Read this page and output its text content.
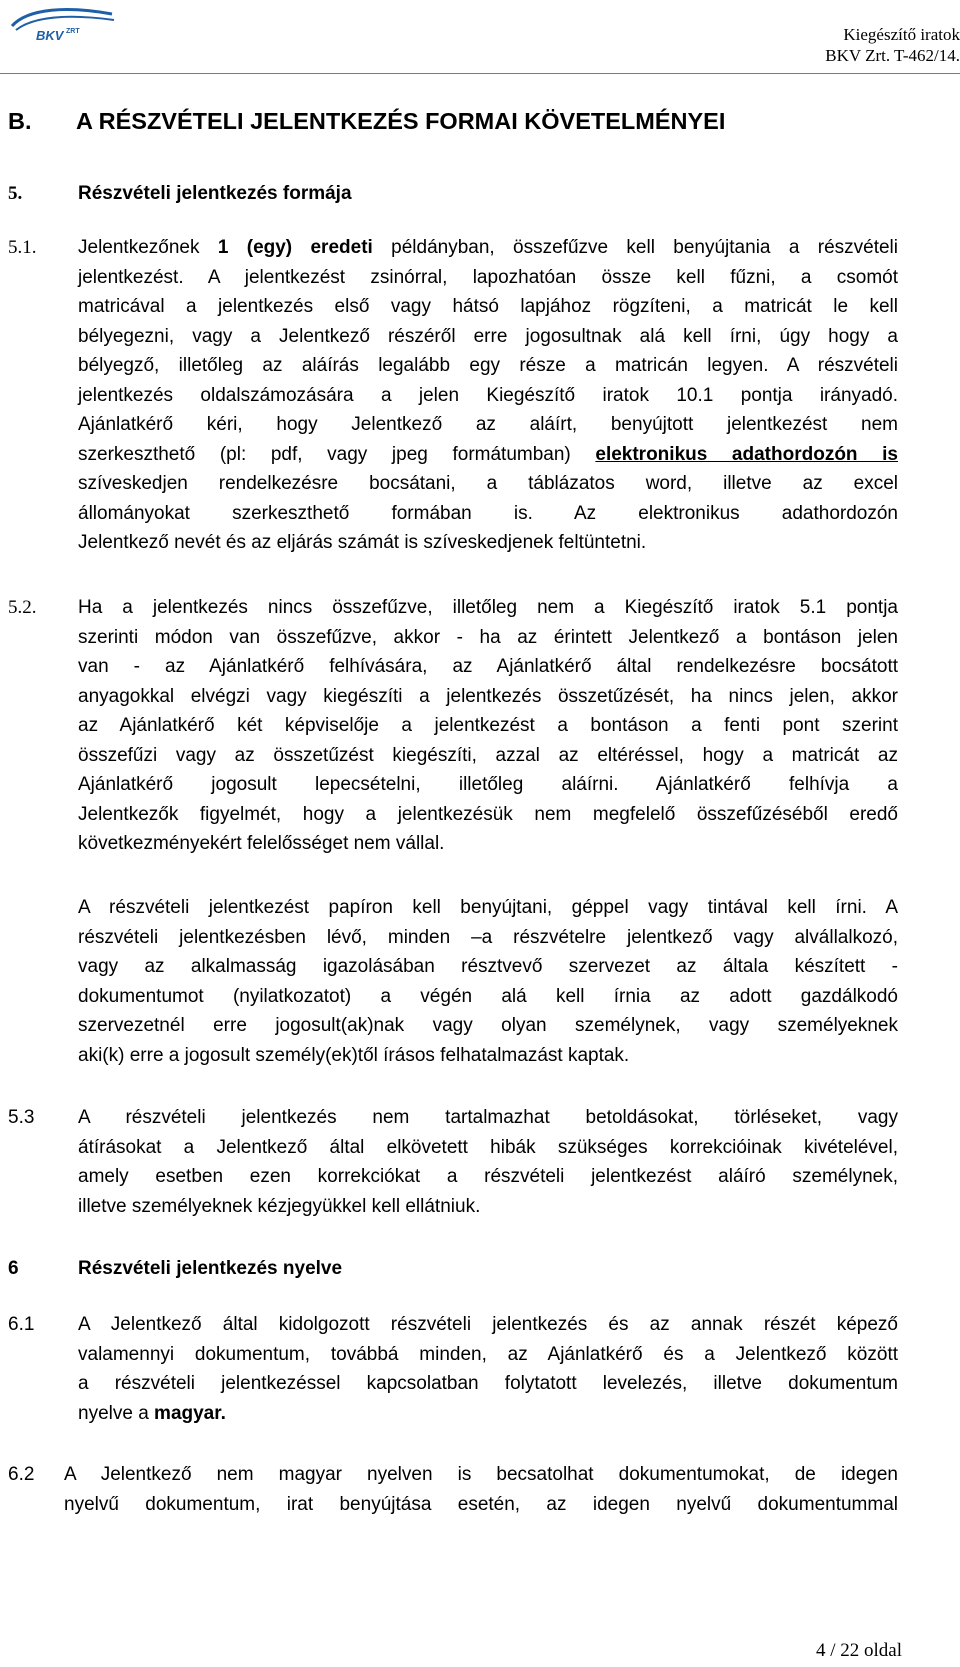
BKV ZRT	Kiegészítő iratok
BKV Zrt. T-462/14.
B. A RÉSZVÉTELI JELENTKEZÉS FORMAI KÖVETELMÉNYEI
5.	Részvételi jelentkezés formája
5.1. Jelentkezőnek 1 (egy) eredeti példányban, összefűzve kell benyújtania a részvételi
jelentkezést. A jelentkezést zsinórral, lapozhatóan össze kell fűzni, a csomót
matricával a jelentkezés első vagy hátsó lapjához rögzíteni, a matricát le kell
bélyegezni, vagy a Jelentkező részéről erre jogosultnak alá kell írni, úgy hogy a
bélyegző, illetőleg az aláírás legalább egy része a matricán legyen. A részvételi
jelentkezés oldalszámozására a jelen Kiegészítő iratok 10.1 pontja irányadó.
Ajánlatkérő kéri, hogy Jelentkező az aláírt, benyújtott jelentkezést nem
szerkeszthető (pl: pdf, vagy jpeg formátumban) elektronikus adathordozón is
szíveskedjen rendelkezésre bocsátani, a táblázatos word, illetve az excel
állományokat szerkeszthető formában is. Az elektronikus adathordozón
Jelentkező nevét és az eljárás számát is szíveskedjenek feltüntetni.
5.2. Ha a jelentkezés nincs összefűzve, illetőleg nem a Kiegészítő iratok 5.1 pontja
szerinti módon van összefűzve, akkor - ha az érintett Jelentkező a bontáson jelen
van - az Ajánlatkérő felhívására, az Ajánlatkérő által rendelkezésre bocsátott
anyagokkal elvégzi vagy kiegészíti a jelentkezés összetűzését, ha nincs jelen, akkor
az Ajánlatkérő két képviselője a jelentkezést a bontáson a fenti pont szerint
összefűzi vagy az összetűzést kiegészíti, azzal az eltéréssel, hogy a matricát az
Ajánlatkérő jogosult lepecsételni, illetőleg aláírni. Ajánlatkérő felhívja a
Jelentkezők figyelmét, hogy a jelentkezésük nem megfelelő összefűzéséből eredő
következményekért felelősséget nem vállal.
A részvételi jelentkezést papíron kell benyújtani, géppel vagy tintával kell írni. A
részvételi jelentkezésben lévő, minden –a részvételre jelentkező vagy alvállalkozó,
vagy az alkalmasság igazolásában résztvevő szervezet az általa készített -
dokumentumot (nyilatkozatot) a végén alá kell írnia az adott gazdálkodó
szervezetnél erre jogosult(ak)nak vagy olyan személynek, vagy személyeknek
aki(k) erre a jogosult személy(ek)től írásos felhatalmazást kaptak.
5.3 A részvételi jelentkezés nem tartalmazhat betoldásokat, törléseket, vagy
átírásokat a Jelentkező által elkövetett hibák szükséges korrekcióinak kivételével,
amely esetben ezen korrekciókat a részvételi jelentkezést aláíró személynek,
illetve személyeknek kézjegyükkel kell ellátniuk.
6	Részvételi jelentkezés nyelve
6.1 A Jelentkező által kidolgozott részvételi jelentkezés és az annak részét képező
valamennyi dokumentum, továbbá minden, az Ajánlatkérő és a Jelentkező között
a részvételi jelentkezéssel kapcsolatban folytatott levelezés, illetve dokumentum
nyelve a magyar.
6.2 A Jelentkező nem magyar nyelven is becsatolhat dokumentumokat, de idegen
nyelvű dokumentum, irat benyújtása esetén, az idegen nyelvű dokumentummal
4 / 22 oldal
